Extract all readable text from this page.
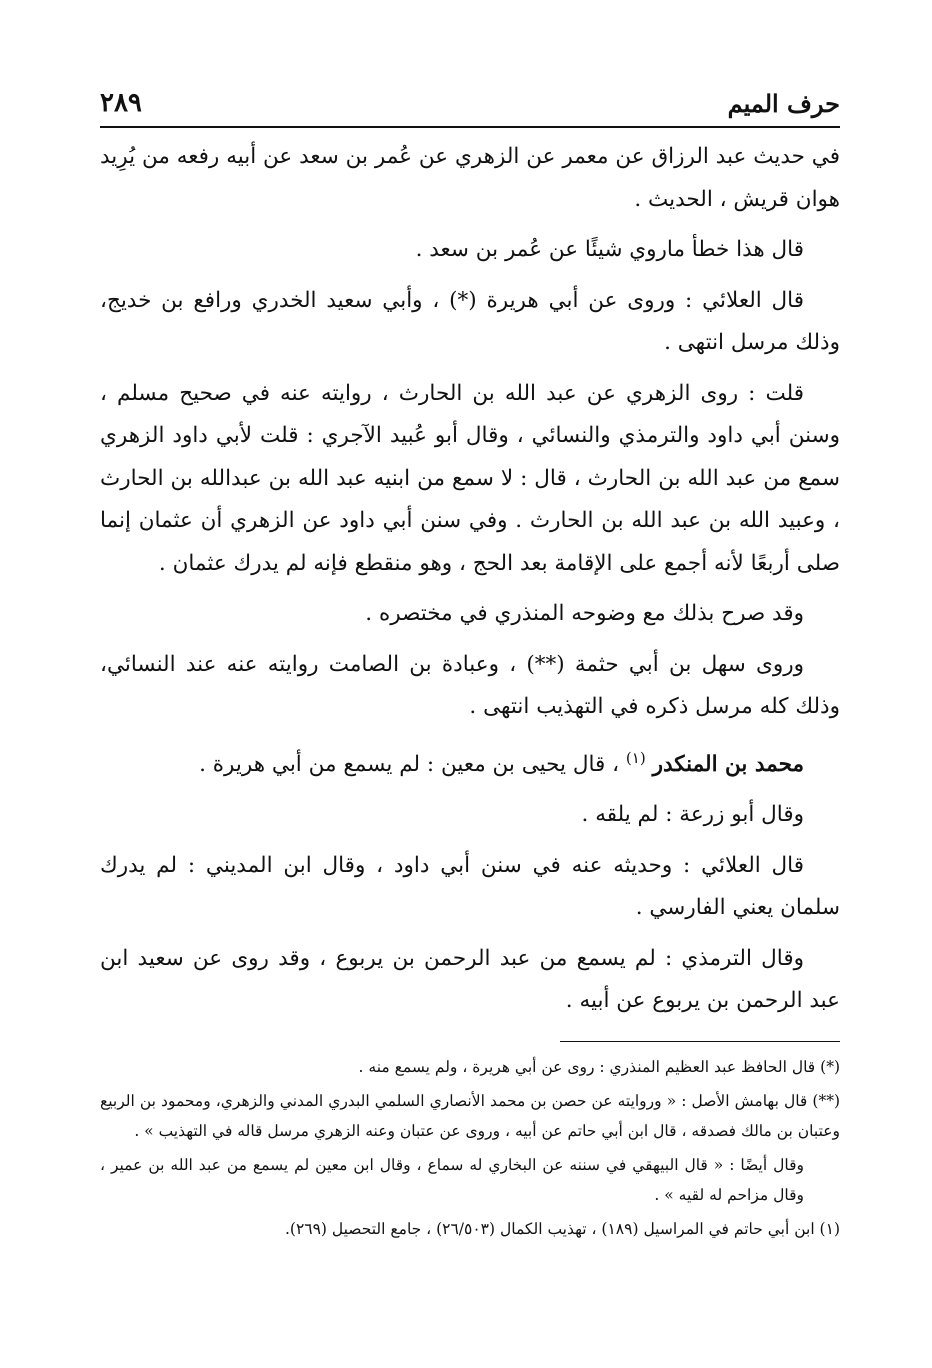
حرف الميم
٢٨٩

في حديث عبد الرزاق عن معمر عن الزهري عن عُمر بن سعد عن أبيه رفعه من يُرِيد هوان قريش ، الحديث .

قال هذا خطأ ماروي شيئًا عن عُمر بن سعد .

قال العلائي : وروى عن أبي هريرة (*) ، وأبي سعيد الخدري ورافع بن خديج، وذلك مرسل انتهى .

قلت : روى الزهري عن عبد الله بن الحارث ، روايته عنه في صحيح مسلم ، وسنن أبي داود والترمذي والنسائي ، وقال أبو عُبيد الآجري : قلت لأبي داود الزهري سمع من عبد الله بن الحارث ، قال : لا سمع من ابنيه عبد الله بن عبدالله بن الحارث ، وعبيد الله بن عبد الله بن الحارث . وفي سنن أبي داود عن الزهري أن عثمان إنما صلى أربعًا لأنه أجمع على الإقامة بعد الحج ، وهو منقطع فإنه لم يدرك عثمان .

وقد صرح بذلك مع وضوحه المنذري في مختصره .

وروى سهل بن أبي حثمة (**) ، وعبادة بن الصامت روايته عنه عند النسائي، وذلك كله مرسل ذكره في التهذيب انتهى .

محمد بن المنكدر $^{(١)}$ ، قال يحيى بن معين : لم يسمع من أبي هريرة .

وقال أبو زرعة : لم يلقه .

قال العلائي : وحديثه عنه في سنن أبي داود ، وقال ابن المديني : لم يدرك سلمان يعني الفارسي .

وقال الترمذي : لم يسمع من عبد الرحمن بن يربوع ، وقد روى عن سعيد ابن عبد الرحمن بن يربوع عن أبيه .

(*) قال الحافظ عبد العظيم المنذري : روى عن أبي هريرة ، ولم يسمع منه .

(**) قال بهامش الأصل : « وروايته عن حصن بن محمد الأنصاري السلمي البدري المدني والزهري، ومحمود بن الربيع وعتبان بن مالك فصدقه ، قال ابن أبي حاتم عن أبيه ، وروى عن عتبان وعنه الزهري مرسل قاله في التهذيب » .

وقال أيضًا : « قال البيهقي في سننه عن البخاري له سماع ، وقال ابن معين لم يسمع من عبد الله بن عمير ، وقال مزاحم له لقيه » .

(١) ابن أبي حاتم في المراسيل (١٨٩) ، تهذيب الكمال (٢٦/٥٠٣) ، جامع التحصيل (٢٦٩).
